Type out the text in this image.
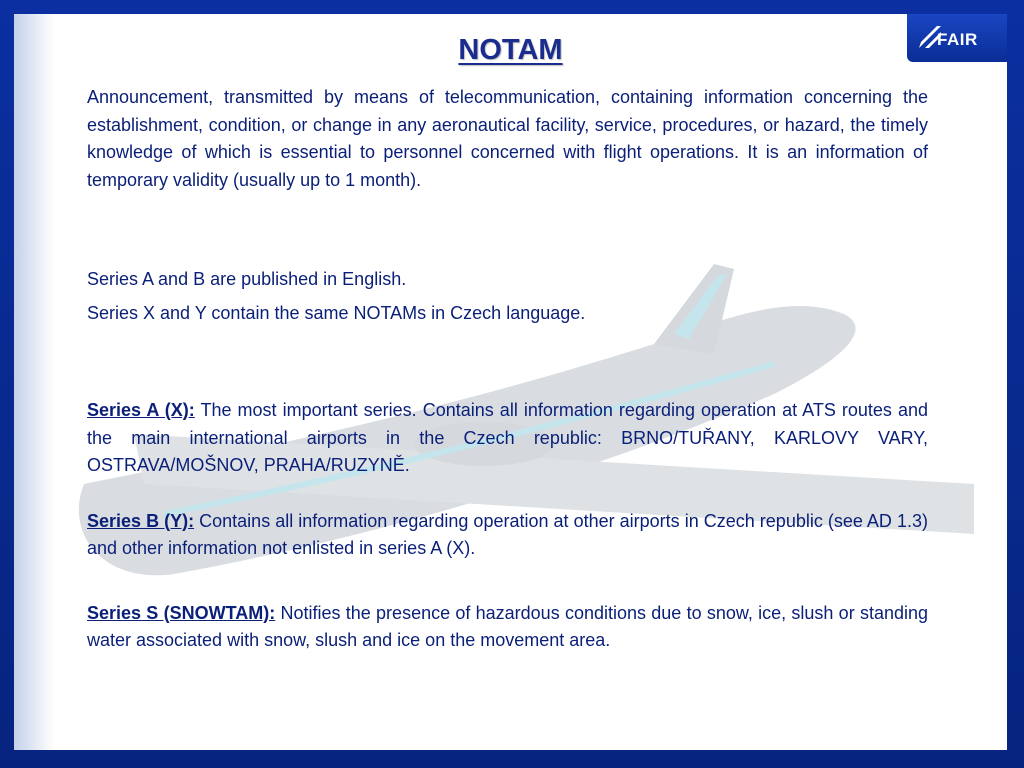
FAIR
NOTAM

Announcement, transmitted by means of telecommunication, containing information concerning the establishment, condition, or change in any aeronautical facility, service, procedures, or hazard, the timely knowledge of which is essential to personnel concerned with flight operations. It is an information of temporary validity (usually up to 1 month).

Series A and B are published in English.

Series X and Y contain the same NOTAMs in Czech language.

Series A (X): The most important series. Contains all information regarding operation at ATS routes and the main international airports in the Czech republic: BRNO/TUŘANY, KARLOVY VARY, OSTRAVA/MOŠNOV, PRAHA/RUZYNĚ.

Series B (Y): Contains all information regarding operation at other airports in Czech republic (see AD 1.3) and other information not enlisted in series A (X).

Series S (SNOWTAM): Notifies the presence of hazardous conditions due to snow, ice, slush or standing water associated with snow, slush and ice on the movement area.
